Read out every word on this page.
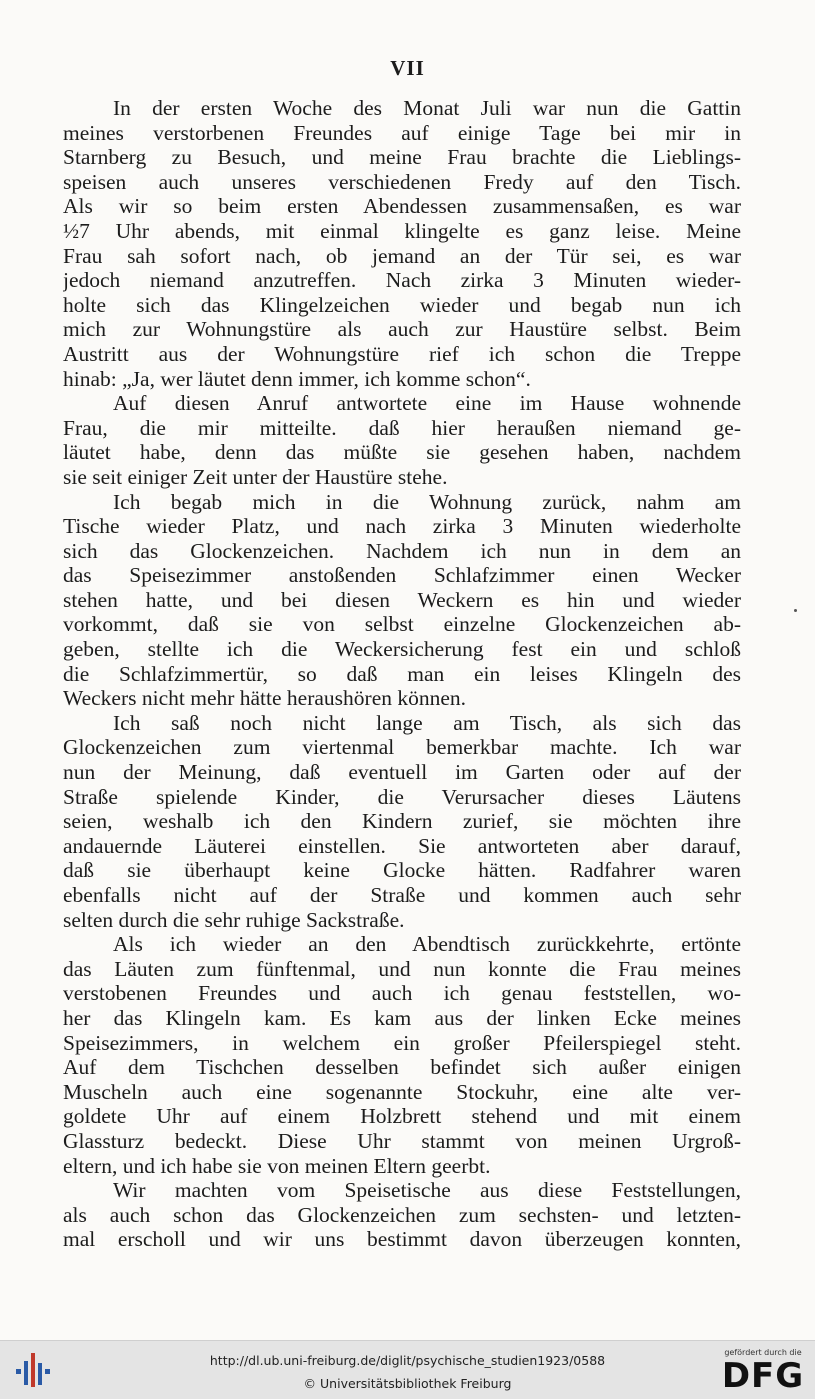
VII
In der ersten Woche des Monat Juli war nun die Gattin
meines verstorbenen Freundes auf einige Tage bei mir in
Starnberg zu Besuch, und meine Frau brachte die Lieblings-
speisen auch unseres verschiedenen Fredy auf den Tisch.
Als wir so beim ersten Abendessen zusammensaßen, es war
½7 Uhr abends, mit einmal klingelte es ganz leise. Meine
Frau sah sofort nach, ob jemand an der Tür sei, es war
jedoch niemand anzutreffen. Nach zirka 3 Minuten wieder-
holte sich das Klingelzeichen wieder und begab nun ich
mich zur Wohnungstüre als auch zur Haustüre selbst. Beim
Austritt aus der Wohnungstüre rief ich schon die Treppe
hinab: „Ja, wer läutet denn immer, ich komme schon“.
Auf diesen Anruf antwortete eine im Hause wohnende
Frau, die mir mitteilte. daß hier heraußen niemand ge-
läutet habe, denn das müßte sie gesehen haben, nachdem
sie seit einiger Zeit unter der Haustüre stehe.
Ich begab mich in die Wohnung zurück, nahm am
Tische wieder Platz, und nach zirka 3 Minuten wiederholte
sich das Glockenzeichen. Nachdem ich nun in dem an
das Speisezimmer anstoßenden Schlafzimmer einen Wecker
stehen hatte, und bei diesen Weckern es hin und wieder
vorkommt, daß sie von selbst einzelne Glockenzeichen ab-
geben, stellte ich die Weckersicherung fest ein und schloß
die Schlafzimmertür, so daß man ein leises Klingeln des
Weckers nicht mehr hätte heraushören können.
Ich saß noch nicht lange am Tisch, als sich das
Glockenzeichen zum viertenmal bemerkbar machte. Ich war
nun der Meinung, daß eventuell im Garten oder auf der
Straße spielende Kinder, die Verursacher dieses Läutens
seien, weshalb ich den Kindern zurief, sie möchten ihre
andauernde Läuterei einstellen. Sie antworteten aber darauf,
daß sie überhaupt keine Glocke hätten. Radfahrer waren
ebenfalls nicht auf der Straße und kommen auch sehr
selten durch die sehr ruhige Sackstraße.
Als ich wieder an den Abendtisch zurückkehrte, ertönte
das Läuten zum fünftenmal, und nun konnte die Frau meines
verstobenen Freundes und auch ich genau feststellen, wo-
her das Klingeln kam. Es kam aus der linken Ecke meines
Speisezimmers, in welchem ein großer Pfeilerspiegel steht.
Auf dem Tischchen desselben befindet sich außer einigen
Muscheln auch eine sogenannte Stockuhr, eine alte ver-
goldete Uhr auf einem Holzbrett stehend und mit einem
Glassturz bedeckt. Diese Uhr stammt von meinen Urgroß-
eltern, und ich habe sie von meinen Eltern geerbt.
Wir machten vom Speisetische aus diese Feststellungen,
als auch schon das Glockenzeichen zum sechsten- und letzten-
mal erscholl und wir uns bestimmt davon überzeugen konnten,
http://dl.ub.uni-freiburg.de/diglit/psychische_studien1923/0588
© Universitätsbibliothek Freiburg
gefördert durch die
DFG
